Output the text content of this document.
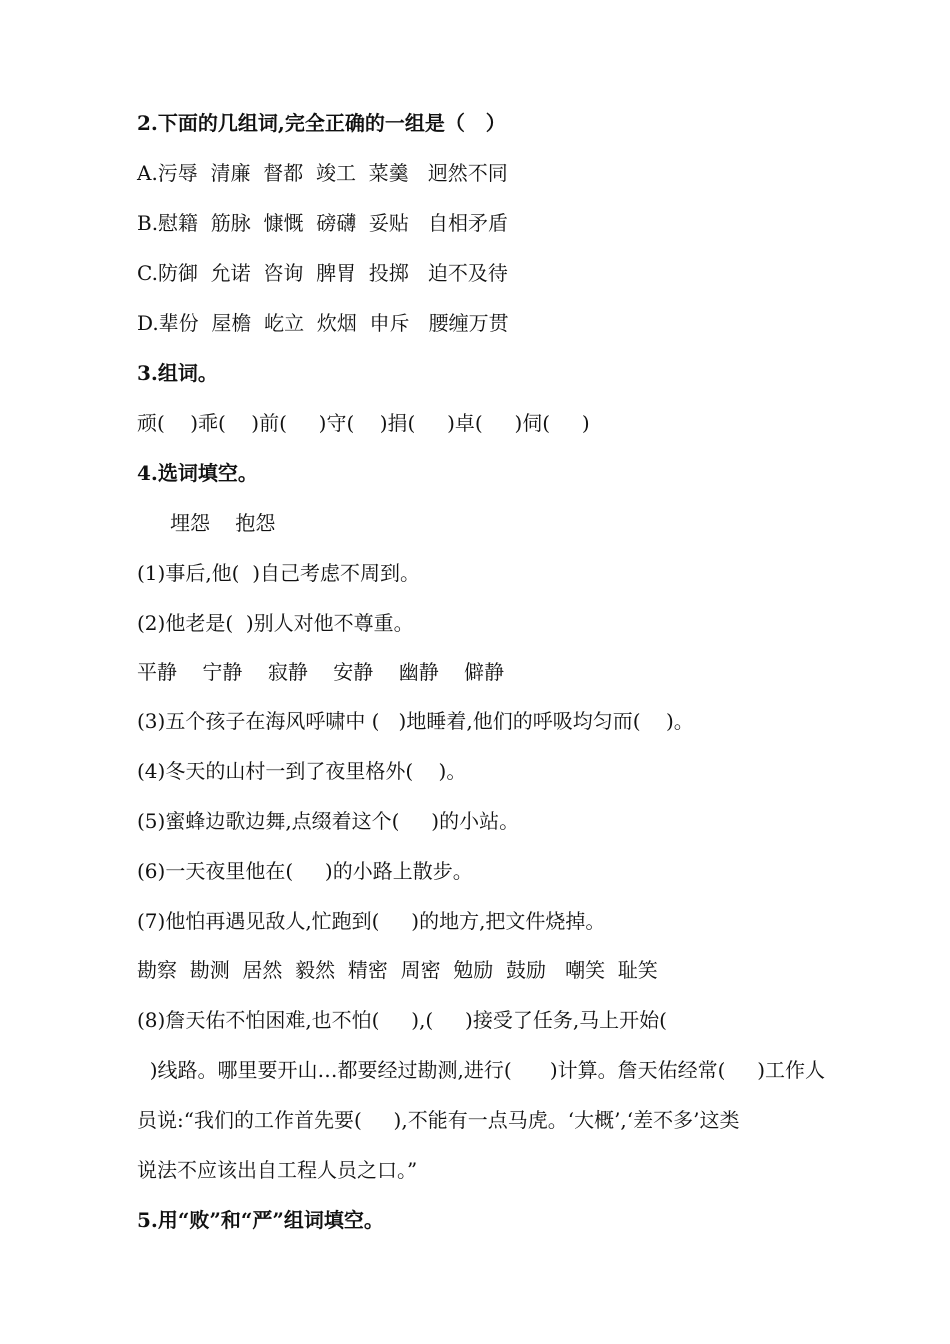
2.下面的几组词,完全正确的一组是（   ）
A.污辱  清廉  督都  竣工  菜羹   迥然不同
B.慰籍  筋脉  慷慨  磅礴  妥贴   自相矛盾
C.防御  允诺  咨询  脾胃  投掷   迫不及待
D.辈份  屋檐  屹立  炊烟  申斥   腰缠万贯
3.组词。
顽(    )乖(    )前(     )守(    )捐(     )卓(     )伺(     )
4.选词填空。
埋怨    抱怨
(1)事后,他(  )自己考虑不周到。
(2)他老是(  )别人对他不尊重。
平静    宁静    寂静    安静    幽静    僻静
(3)五个孩子在海风呼啸中 (   )地睡着,他们的呼吸均匀而(    )。
(4)冬天的山村一到了夜里格外(    )。
(5)蜜蜂边歌边舞,点缀着这个(     )的小站。
(6)一天夜里他在(     )的小路上散步。
(7)他怕再遇见敌人,忙跑到(     )的地方,把文件烧掉。
勘察  勘测  居然  毅然  精密  周密  勉励  鼓励   嘲笑  耻笑
(8)詹天佑不怕困难,也不怕(     ),(     )接受了任务,马上开始(
)线路。哪里要开山…都要经过勘测,进行(      )计算。詹天佑经常(     )工作人
员说:“我们的工作首先要(     ),不能有一点马虎。‘大概’,‘差不多’这类
说法不应该出自工程人员之口。”
5.用“败”和“严”组词填空。
